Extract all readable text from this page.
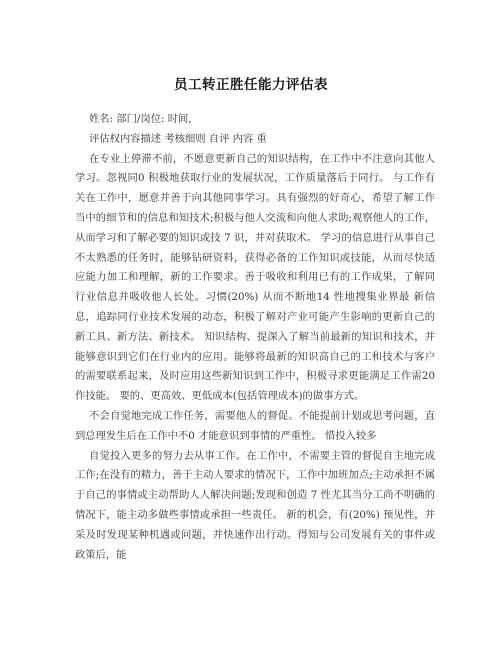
员工转正胜任能力评估表
姓名: 部门/岗位: 时间,
评估权内容描述 考核细则 自评 内容 重

在专业上停滞不前，不愿意更新自己的知识结构，在工作中不注意向其他人学习。忽视同0 积极地获取行业的发展状况，工作质量落后于同行。 与工作有关在工作中，愿意并善于向其他同事学习。具有强烈的好奇心，希望了解工作当中的细节和的信息和知技术;积极与他人交流和向他人求助;观察他人的工作，从而学习和了解必要的知识或技 7 识，并对获取术。 学习的信息进行从事自己不太熟悉的任务时，能够钻研资料，获得必备的工作知识或技能，从而尽快适应能力加工和理解，新的工作要求。善于吸收和利用已有的工作成果，了解同行业信息并吸收他人长处。习惯(20%) 从而不断地14 性地搜集业界最 新信息，追踪同行业技术发展的动态，积极了解对产业可能产生影响的更新自己的新工具、新方法、新技术。 知识结构、提深入了解当前最新的知识和技术，并能够意识到它们在行业内的应用。能够将最新的知识高自己的工和技术与客户的需要联系起来，及时应用这些新知识到工作中，积极寻求更能满足工作需20 作技能。 要的、更高效、更低成本(包括管理成本)的做事方式。

不会自觉地完成工作任务，需要他人的督促。不能提前计划或思考问题，直到总理发生后在工作中不0 才能意识到事情的严重性。 惜投入较多

自觉投入更多的努力去从事工作。在工作中，不需要主管的督促自主地完成工作;在没有的精力，善于主动人要求的情况下，工作中加班加点;主动承担不属于自己的事情或主动帮助人人解决问题;发现和创造 7 性尤其当分工尚不明确的情况下，能主动多做些事情或承担一些责任。 新的机会，有(20%) 预见性，并采及时发现某种机遇或问题，并快速作出行动。得知与公司发展有关的事件或政策后，能
